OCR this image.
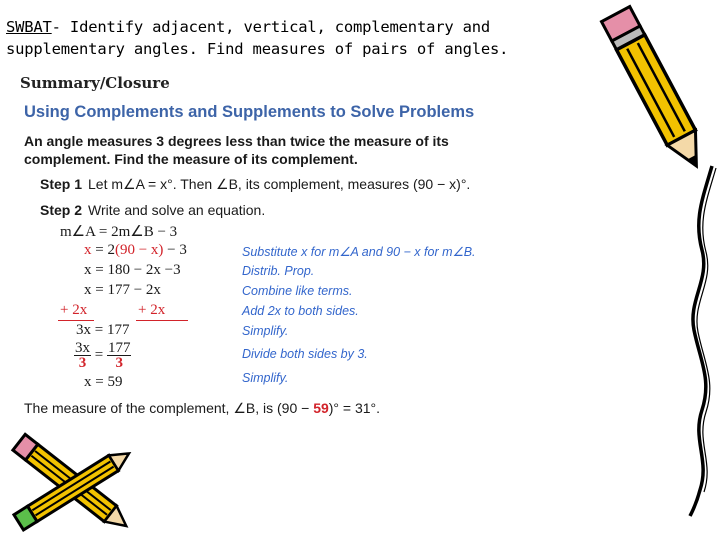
SWBAT- Identify adjacent, vertical, complementary and
supplementary angles. Find measures of pairs of angles.
Summary/Closure
Using Complements and Supplements to Solve Problems
An angle measures 3 degrees less than twice the measure of its complement. Find the measure of its complement.
Step 1 Let m∠A = x°. Then ∠B, its complement, measures (90 − x)°.
Step 2 Write and solve an equation.
m∠A = 2m∠B − 3
x = 2(90 − x) − 3
x = 180 − 2x −3
x = 177 − 2x
+ 2x	+ 2x
3x = 177
$\frac{3x}{3} = \frac{177}{3}$
x = 59
Substitute x for m∠A and 90 − x for m∠B.
Distrib. Prop.
Combine like terms.
Add 2x to both sides.
Simplify.
Divide both sides by 3.
Simplify.
The measure of the complement, ∠B, is (90 − 59)° = 31°.
